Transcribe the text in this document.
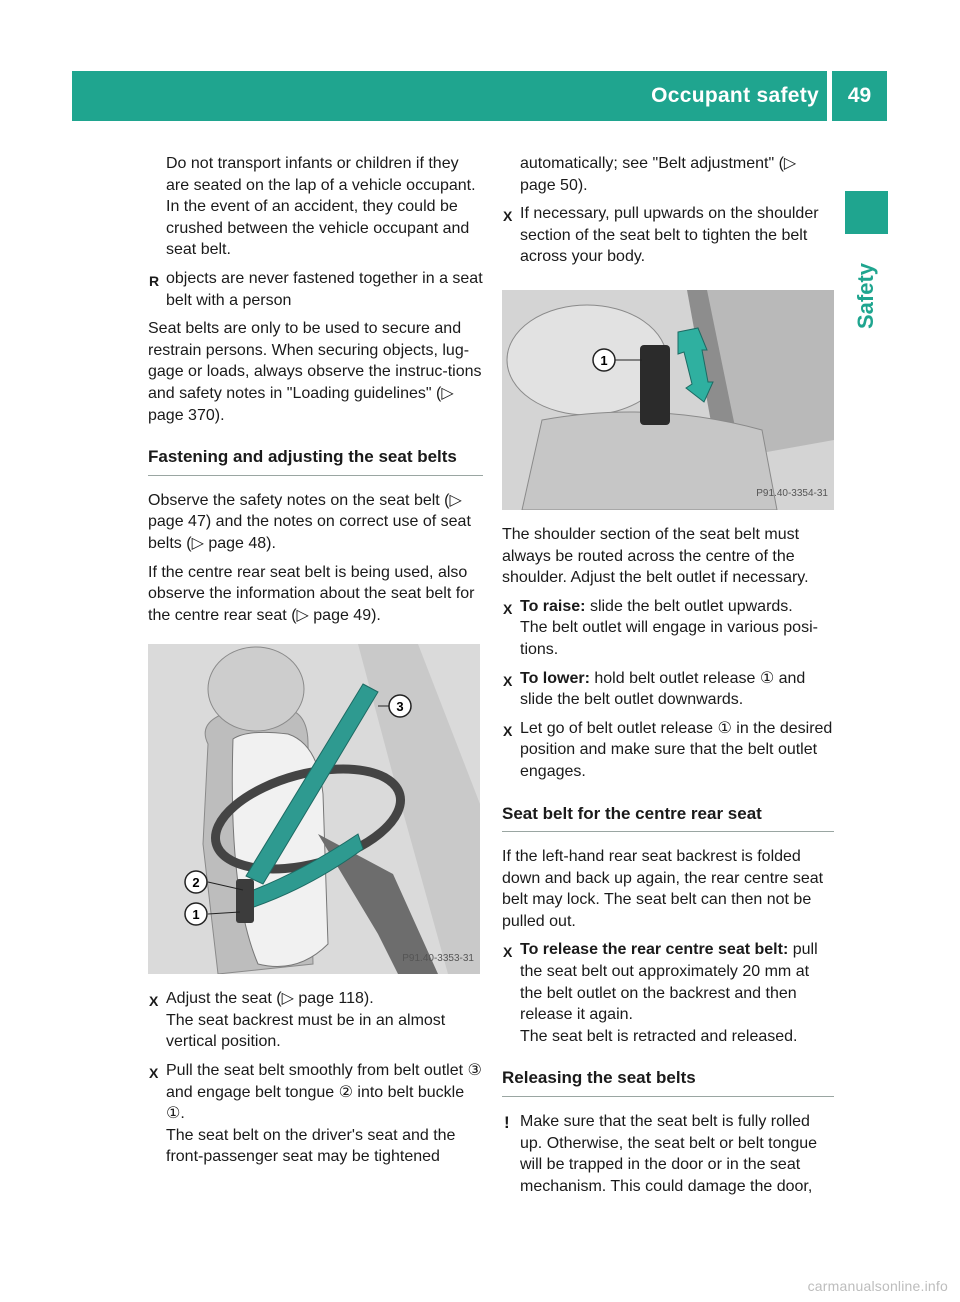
Occupant safety	49
Safety

Do not transport infants or children if they are seated on the lap of a vehicle occupant. In the event of an accident, they could be crushed between the vehicle occupant and seat belt.

R objects are never fastened together in a seat belt with a person

Seat belts are only to be used to secure and restrain persons. When securing objects, lug-gage or loads, always observe the instruc-tions and safety notes in "Loading guidelines" (▷ page 370).

Fastening and adjusting the seat belts

Observe the safety notes on the seat belt (▷ page 47) and the notes on correct use of seat belts (▷ page 48).

If the centre rear seat belt is being used, also observe the information about the seat belt for the centre rear seat (▷ page 49).

3
2
1
P91.40-3353-31

X Adjust the seat (▷ page 118).

The seat backrest must be in an almost vertical position.

X Pull the seat belt smoothly from belt outlet ③ and engage belt tongue ② into belt buckle ①.

The seat belt on the driver's seat and the front-passenger seat may be tightened

automatically; see "Belt adjustment" (▷ page 50).

X If necessary, pull upwards on the shoulder section of the seat belt to tighten the belt across your body.

1
P91.40-3354-31

The shoulder section of the seat belt must always be routed across the centre of the shoulder. Adjust the belt outlet if necessary.

X To raise: slide the belt outlet upwards.

The belt outlet will engage in various posi-tions.

X To lower: hold belt outlet release ① and slide the belt outlet downwards.

X Let go of belt outlet release ① in the desired position and make sure that the belt outlet engages.

Seat belt for the centre rear seat

If the left-hand rear seat backrest is folded down and back up again, the rear centre seat belt may lock. The seat belt can then not be pulled out.

X To release the rear centre seat belt: pull the seat belt out approximately 20 mm at the belt outlet on the backrest and then release it again.

The seat belt is retracted and released.

Releasing the seat belts

! Make sure that the seat belt is fully rolled up. Otherwise, the seat belt or belt tongue will be trapped in the door or in the seat mechanism. This could damage the door,

carmanualsonline.info
